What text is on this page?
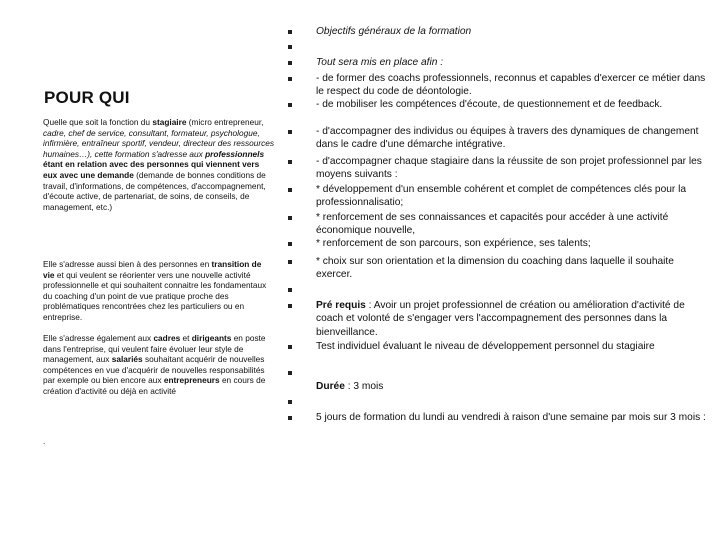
POUR QUI
Quelle que soit la fonction du stagiaire (micro entrepreneur, cadre, chef de service, consultant, formateur, psychologue, infirmière, entraîneur sportif, vendeur, directeur des ressources humaines…), cette formation s'adresse aux professionnels étant en relation avec des personnes qui viennent vers eux avec une demande (demande de bonnes conditions de travail, d'informations, de compétences, d'accompagnement, d'écoute active, de partenariat, de soins, de conseils, de management, etc.)
Elle s'adresse aussi bien à des personnes en transition de vie et qui veulent se réorienter vers une nouvelle activité professionnelle et qui souhaitent connaitre les fondamentaux du coaching d'un point de vue pratique proche des problématiques rencontrées chez les particuliers ou en entreprise.
Elle s'adresse également aux cadres et dirigeants en poste dans l'entreprise, qui veulent faire évoluer leur style de management, aux salariés souhaitant acquérir de nouvelles compétences en vue d'acquérir de nouvelles responsabilités par exemple ou bien encore aux entrepreneurs en cours de création d'activité ou déjà en activité
.
Objectifs généraux de la formation
Tout sera mis en place afin :
- de former des coachs professionnels, reconnus et capables d'exercer ce métier dans le respect du code de déontologie.
- de mobiliser les compétences d'écoute, de questionnement et de feedback.
- d'accompagner des individus ou équipes à travers des dynamiques de changement dans le cadre d'une démarche intégrative.
- d'accompagner chaque stagiaire dans la réussite de son projet professionnel par les moyens suivants :
* développement d'un ensemble cohérent et complet de compétences clés pour la professionnalisatio;
* renforcement de ses connaissances et capacités pour accéder à une activité économique nouvelle,
* renforcement de son parcours, son expérience, ses talents;
* choix sur son orientation et la dimension du coaching dans laquelle il souhaite exercer.
Pré requis : Avoir un projet professionnel de création ou amélioration d'activité de coach et volonté de s'engager vers l'accompagnement des personnes dans la bienveillance.
Test individuel évaluant le niveau de développement personnel du stagiaire
Durée : 3 mois
5 jours de formation du lundi au vendredi à raison d'une semaine par mois sur 3 mois :
